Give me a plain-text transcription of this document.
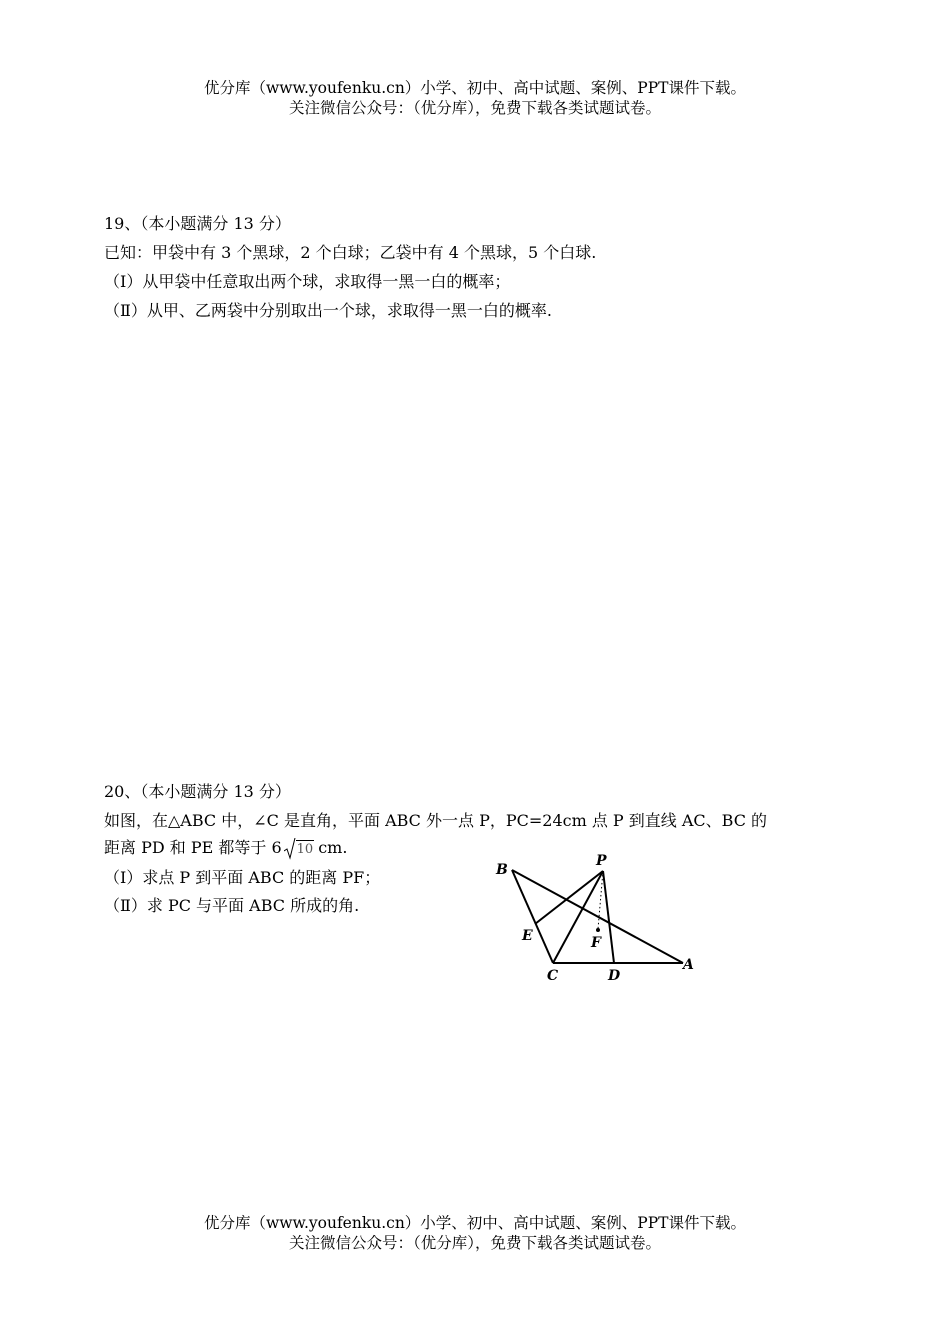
优分库（www.youfenku.cn）小学、初中、高中试题、案例、PPT课件下载。
关注微信公众号：（优分库），免费下载各类试题试卷。
19、（本小题满分 13 分）
已知：甲袋中有 3 个黑球，2 个白球；乙袋中有 4 个黑球，5 个白球.
（Ⅰ）从甲袋中任意取出两个球，求取得一黑一白的概率；
（Ⅱ）从甲、乙两袋中分别取出一个球，求取得一黑一白的概率.
20、（本小题满分 13 分）
如图，在△ABC 中，∠C 是直角，平面 ABC 外一点 P，PC=24cm 点 P 到直线 AC、BC 的
距离 PD 和 PE 都等于 6 10 cm.
（Ⅰ）求点 P 到平面 ABC 的距离 PF；
（Ⅱ）求 PC 与平面 ABC 所成的角.
B
P
E	F
C	D
A
优分库（www.youfenku.cn）小学、初中、高中试题、案例、PPT课件下载。
关注微信公众号：（优分库），免费下载各类试题试卷。
